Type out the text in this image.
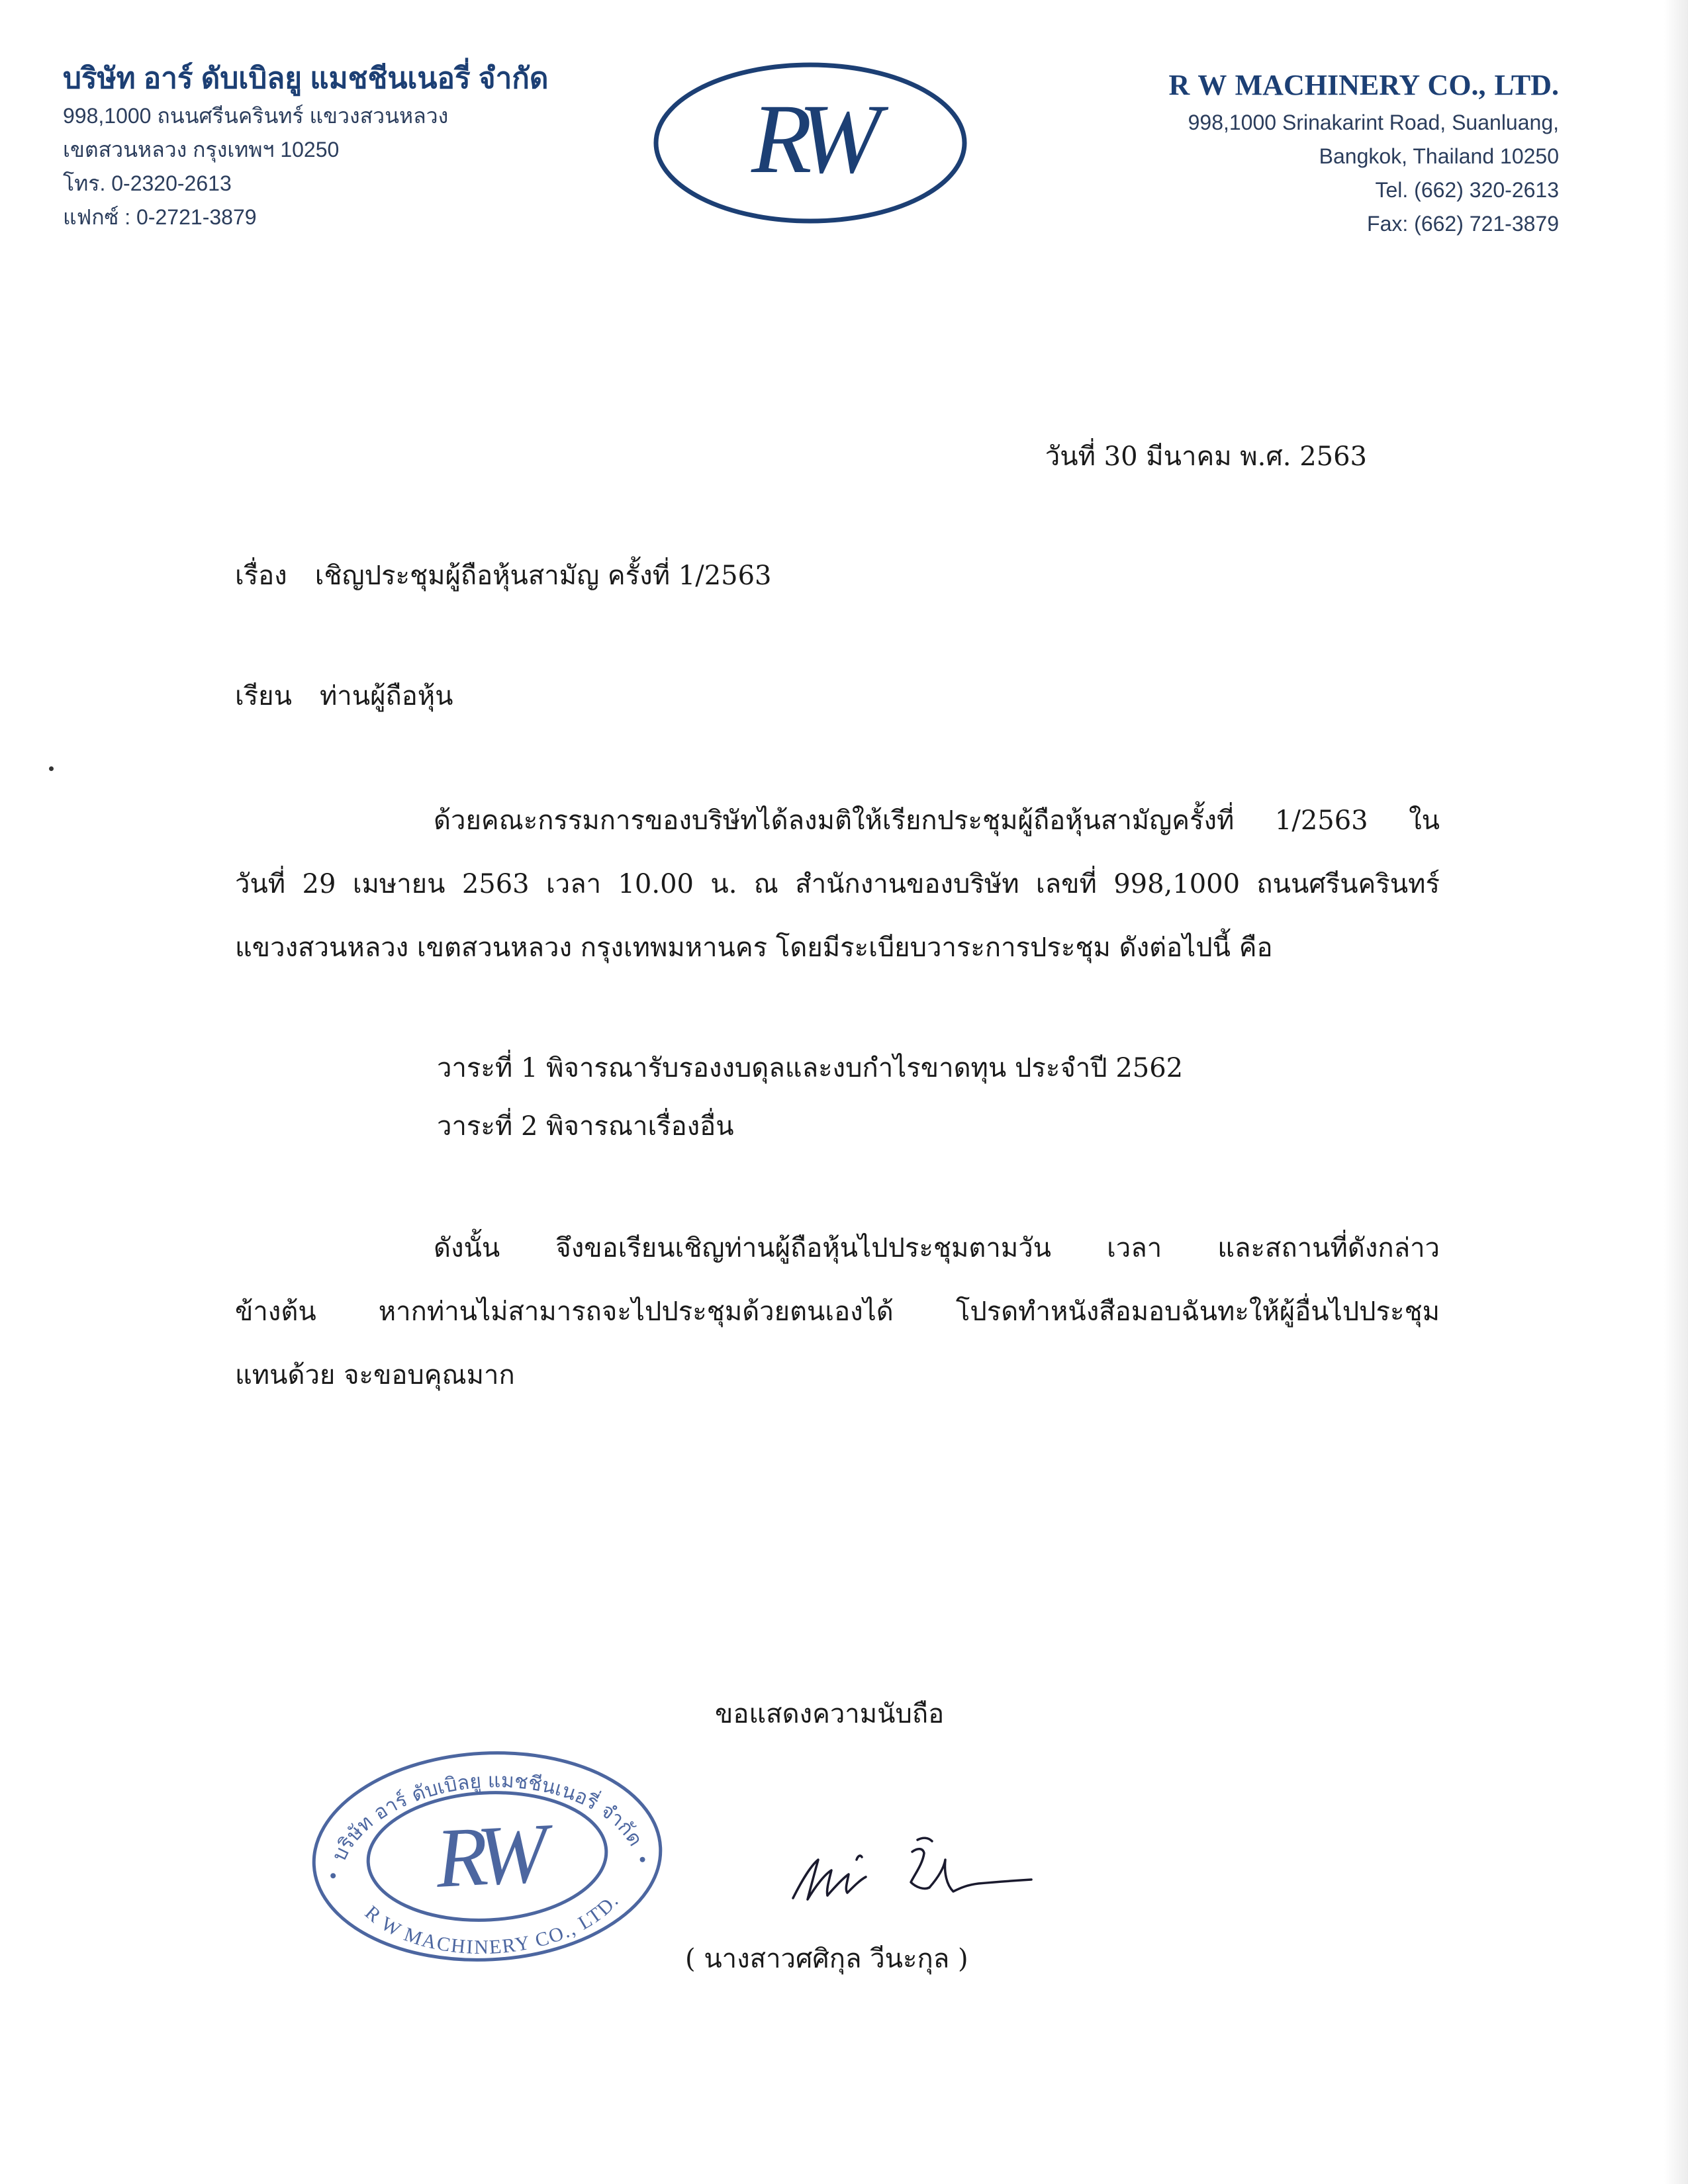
บริษัท อาร์ ดับเบิลยู แมชชีนเนอรี่ จำกัด
998,1000 ถนนศรีนครินทร์ แขวงสวนหลวง
เขตสวนหลวง กรุงเทพฯ 10250
โทร. 0-2320-2613
แฟกซ์ : 0-2721-3879
RW	R W MACHINERY CO., LTD.
998,1000 Srinakarint Road, Suanluang,
Bangkok, Thailand 10250
Tel. (662) 320-2613
Fax: (662) 721-3879
วันที่ 30 มีนาคม พ.ศ. 2563
เรื่อง เชิญประชุมผู้ถือหุ้นสามัญ ครั้งที่ 1/2563
เรียน ท่านผู้ถือหุ้น
ด้วยคณะกรรมการของบริษัทได้ลงมติให้เรียกประชุมผู้ถือหุ้นสามัญครั้งที่ 1/2563 ใน
วันที่ 29 เมษายน 2563 เวลา 10.00 น. ณ สำนักงานของบริษัท เลขที่ 998,1000 ถนนศรีนครินทร์
แขวงสวนหลวง เขตสวนหลวง กรุงเทพมหานคร โดยมีระเบียบวาระการประชุม ดังต่อไปนี้ คือ
วาระที่ 1 พิจารณารับรองงบดุลและงบกำไรขาดทุน ประจำปี 2562
วาระที่ 2 พิจารณาเรื่องอื่น
ดังนั้น จึงขอเรียนเชิญท่านผู้ถือหุ้นไปประชุมตามวัน เวลา และสถานที่ดังกล่าว
ข้างต้น หากท่านไม่สามารถจะไปประชุมด้วยตนเองได้ โปรดทำหนังสือมอบฉันทะให้ผู้อื่นไปประชุม
แทนด้วย จะขอบคุณมาก
ขอแสดงความนับถือ
บริษัท อาร์ ดับเบิลยู แมชชีนเนอรี่ จำกัด
R W MACHINERY CO., LTD.
RW
( นางสาวศศิกุล วีนะกุล )
